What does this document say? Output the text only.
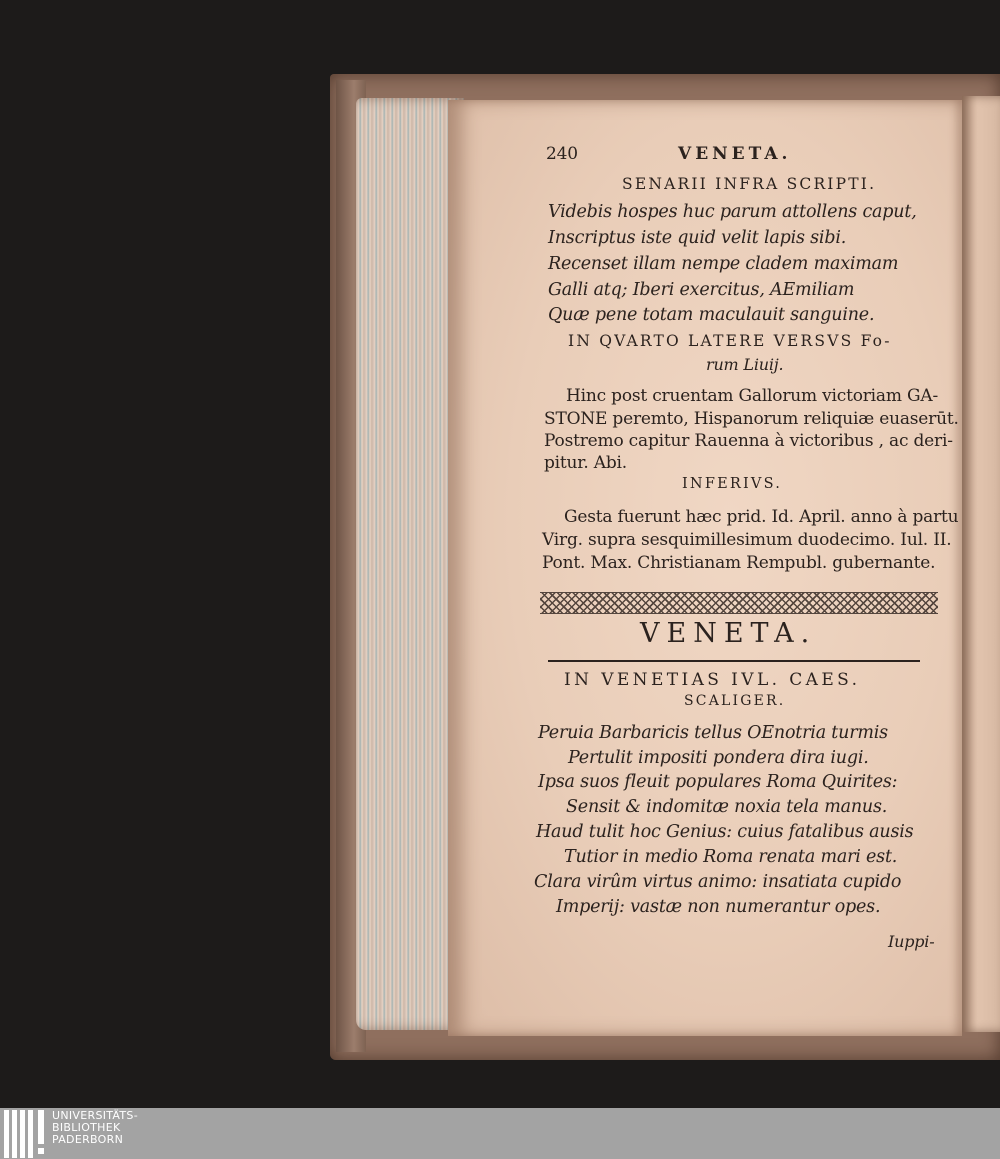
240	VENETA.
SENARII INFRA SCRIPTI.
Videbis hospes huc parum attollens caput,
Inscriptus iste quid velit lapis sibi.
Recenset illam nempe cladem maximam
Galli atq; Iberi exercitus, AEmiliam
Quæ pene totam maculauit sanguine.
IN QVARTO LATERE VERSVS Fo-
rum Liuij.
Hinc post cruentam Gallorum victoriam GA-
STONE peremto, Hispanorum reliquiæ euaserūt.
Postremo capitur Rauenna à victoribus , ac deri-
pitur. Abi.
INFERIVS.
Gesta fuerunt hæc prid. Id. April. anno à partu
Virg. supra sesquimillesimum duodecimo. Iul. II.
Pont. Max. Christianam Rempubl. gubernante.
VENETA.
IN VENETIAS IVL. CAES.
SCALIGER.
Peruia Barbaricis tellus OEnotria turmis
Pertulit impositi pondera dira iugi.
Ipsa suos fleuit populares Roma Quirites:
Sensit & indomitæ noxia tela manus.
Haud tulit hoc Genius: cuius fatalibus ausis
Tutior in medio Roma renata mari est.
Clara virûm virtus animo: insatiata cupido
Imperij: vastæ non numerantur opes.
Iuppi-
UNIVERSITÄTS-
BIBLIOTHEK
PADERBORN
